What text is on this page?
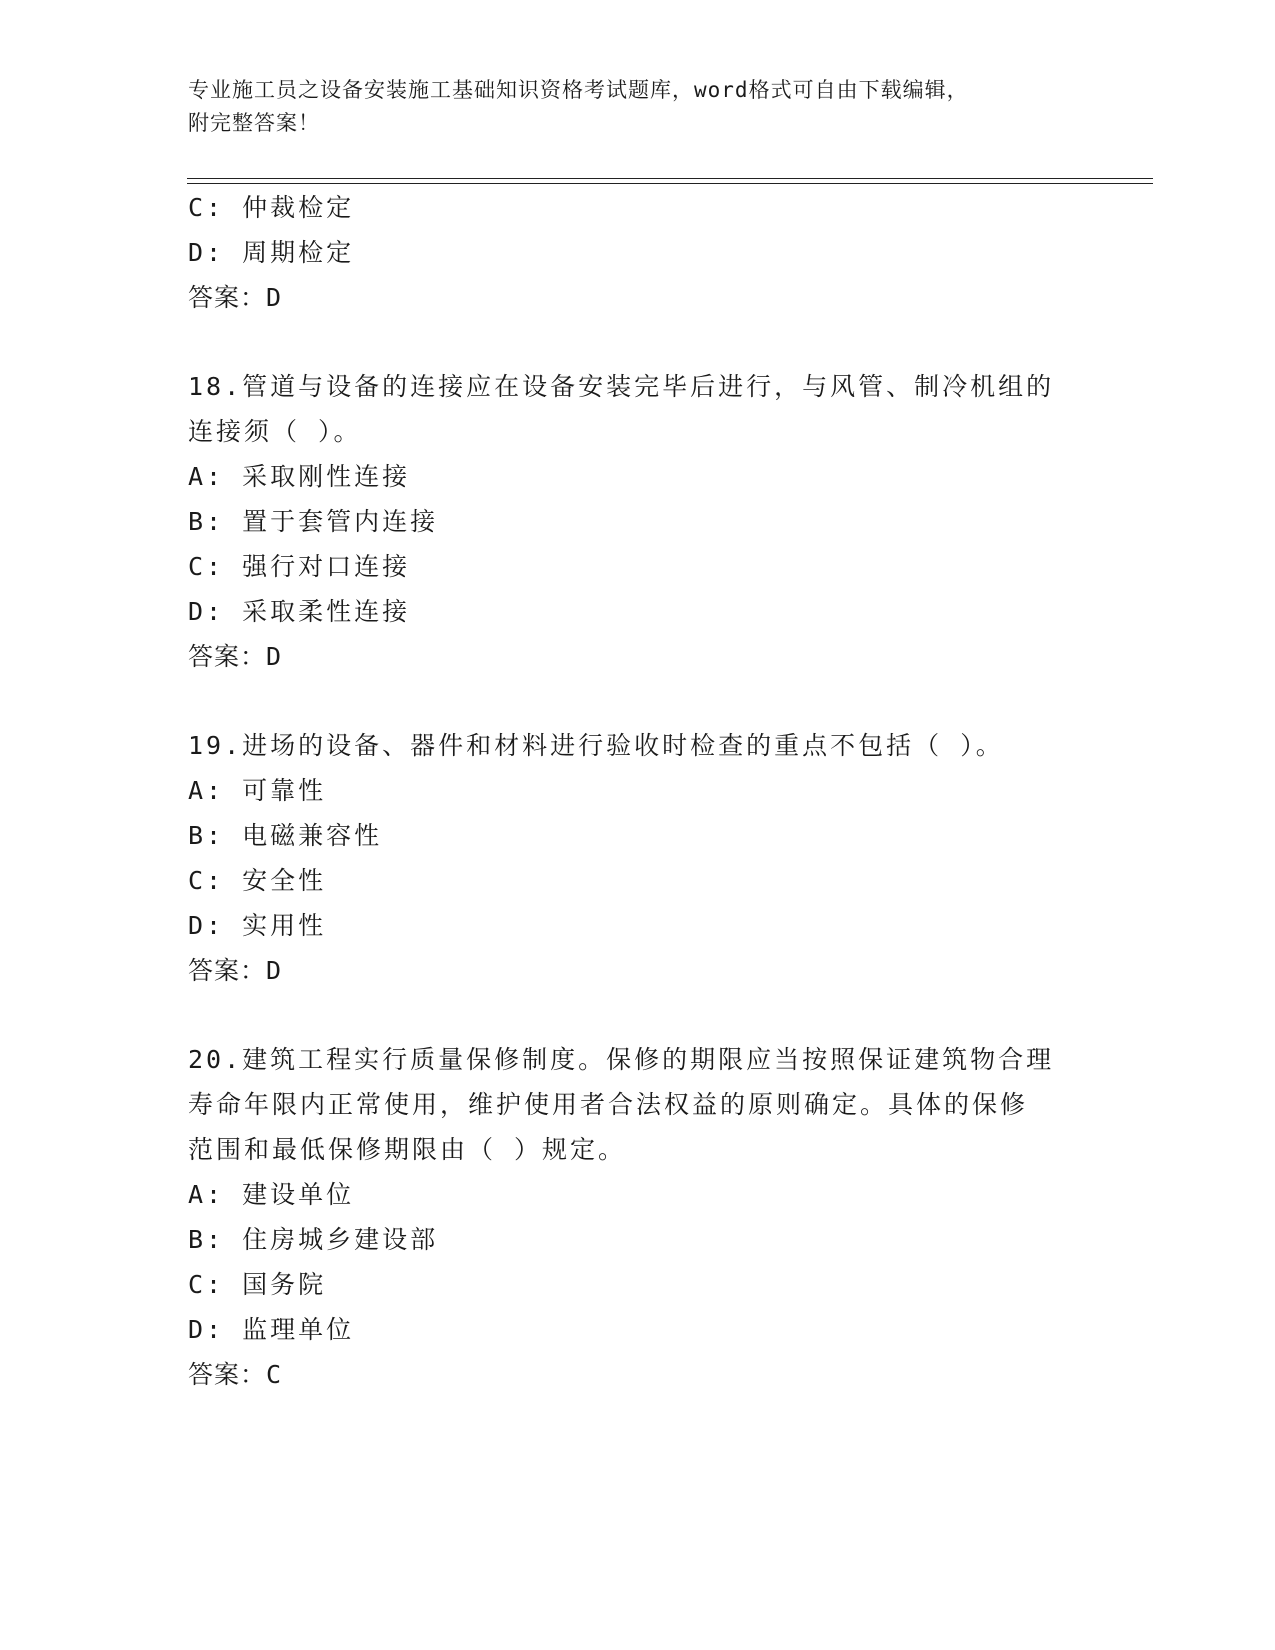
专业施工员之设备安装施工基础知识资格考试题库，word格式可自由下载编辑，
附完整答案！
C: 仲裁检定
D: 周期检定
答案：D
18.管道与设备的连接应在设备安装完毕后进行，与风管、制冷机组的
连接须（ ）。
A: 采取刚性连接
B: 置于套管内连接
C: 强行对口连接
D: 采取柔性连接
答案：D
19.进场的设备、器件和材料进行验收时检查的重点不包括（ ）。
A: 可靠性
B: 电磁兼容性
C: 安全性
D: 实用性
答案：D
20.建筑工程实行质量保修制度。保修的期限应当按照保证建筑物合理
寿命年限内正常使用，维护使用者合法权益的原则确定。具体的保修
范围和最低保修期限由（ ）规定。
A: 建设单位
B: 住房城乡建设部
C: 国务院
D: 监理单位
答案：C
